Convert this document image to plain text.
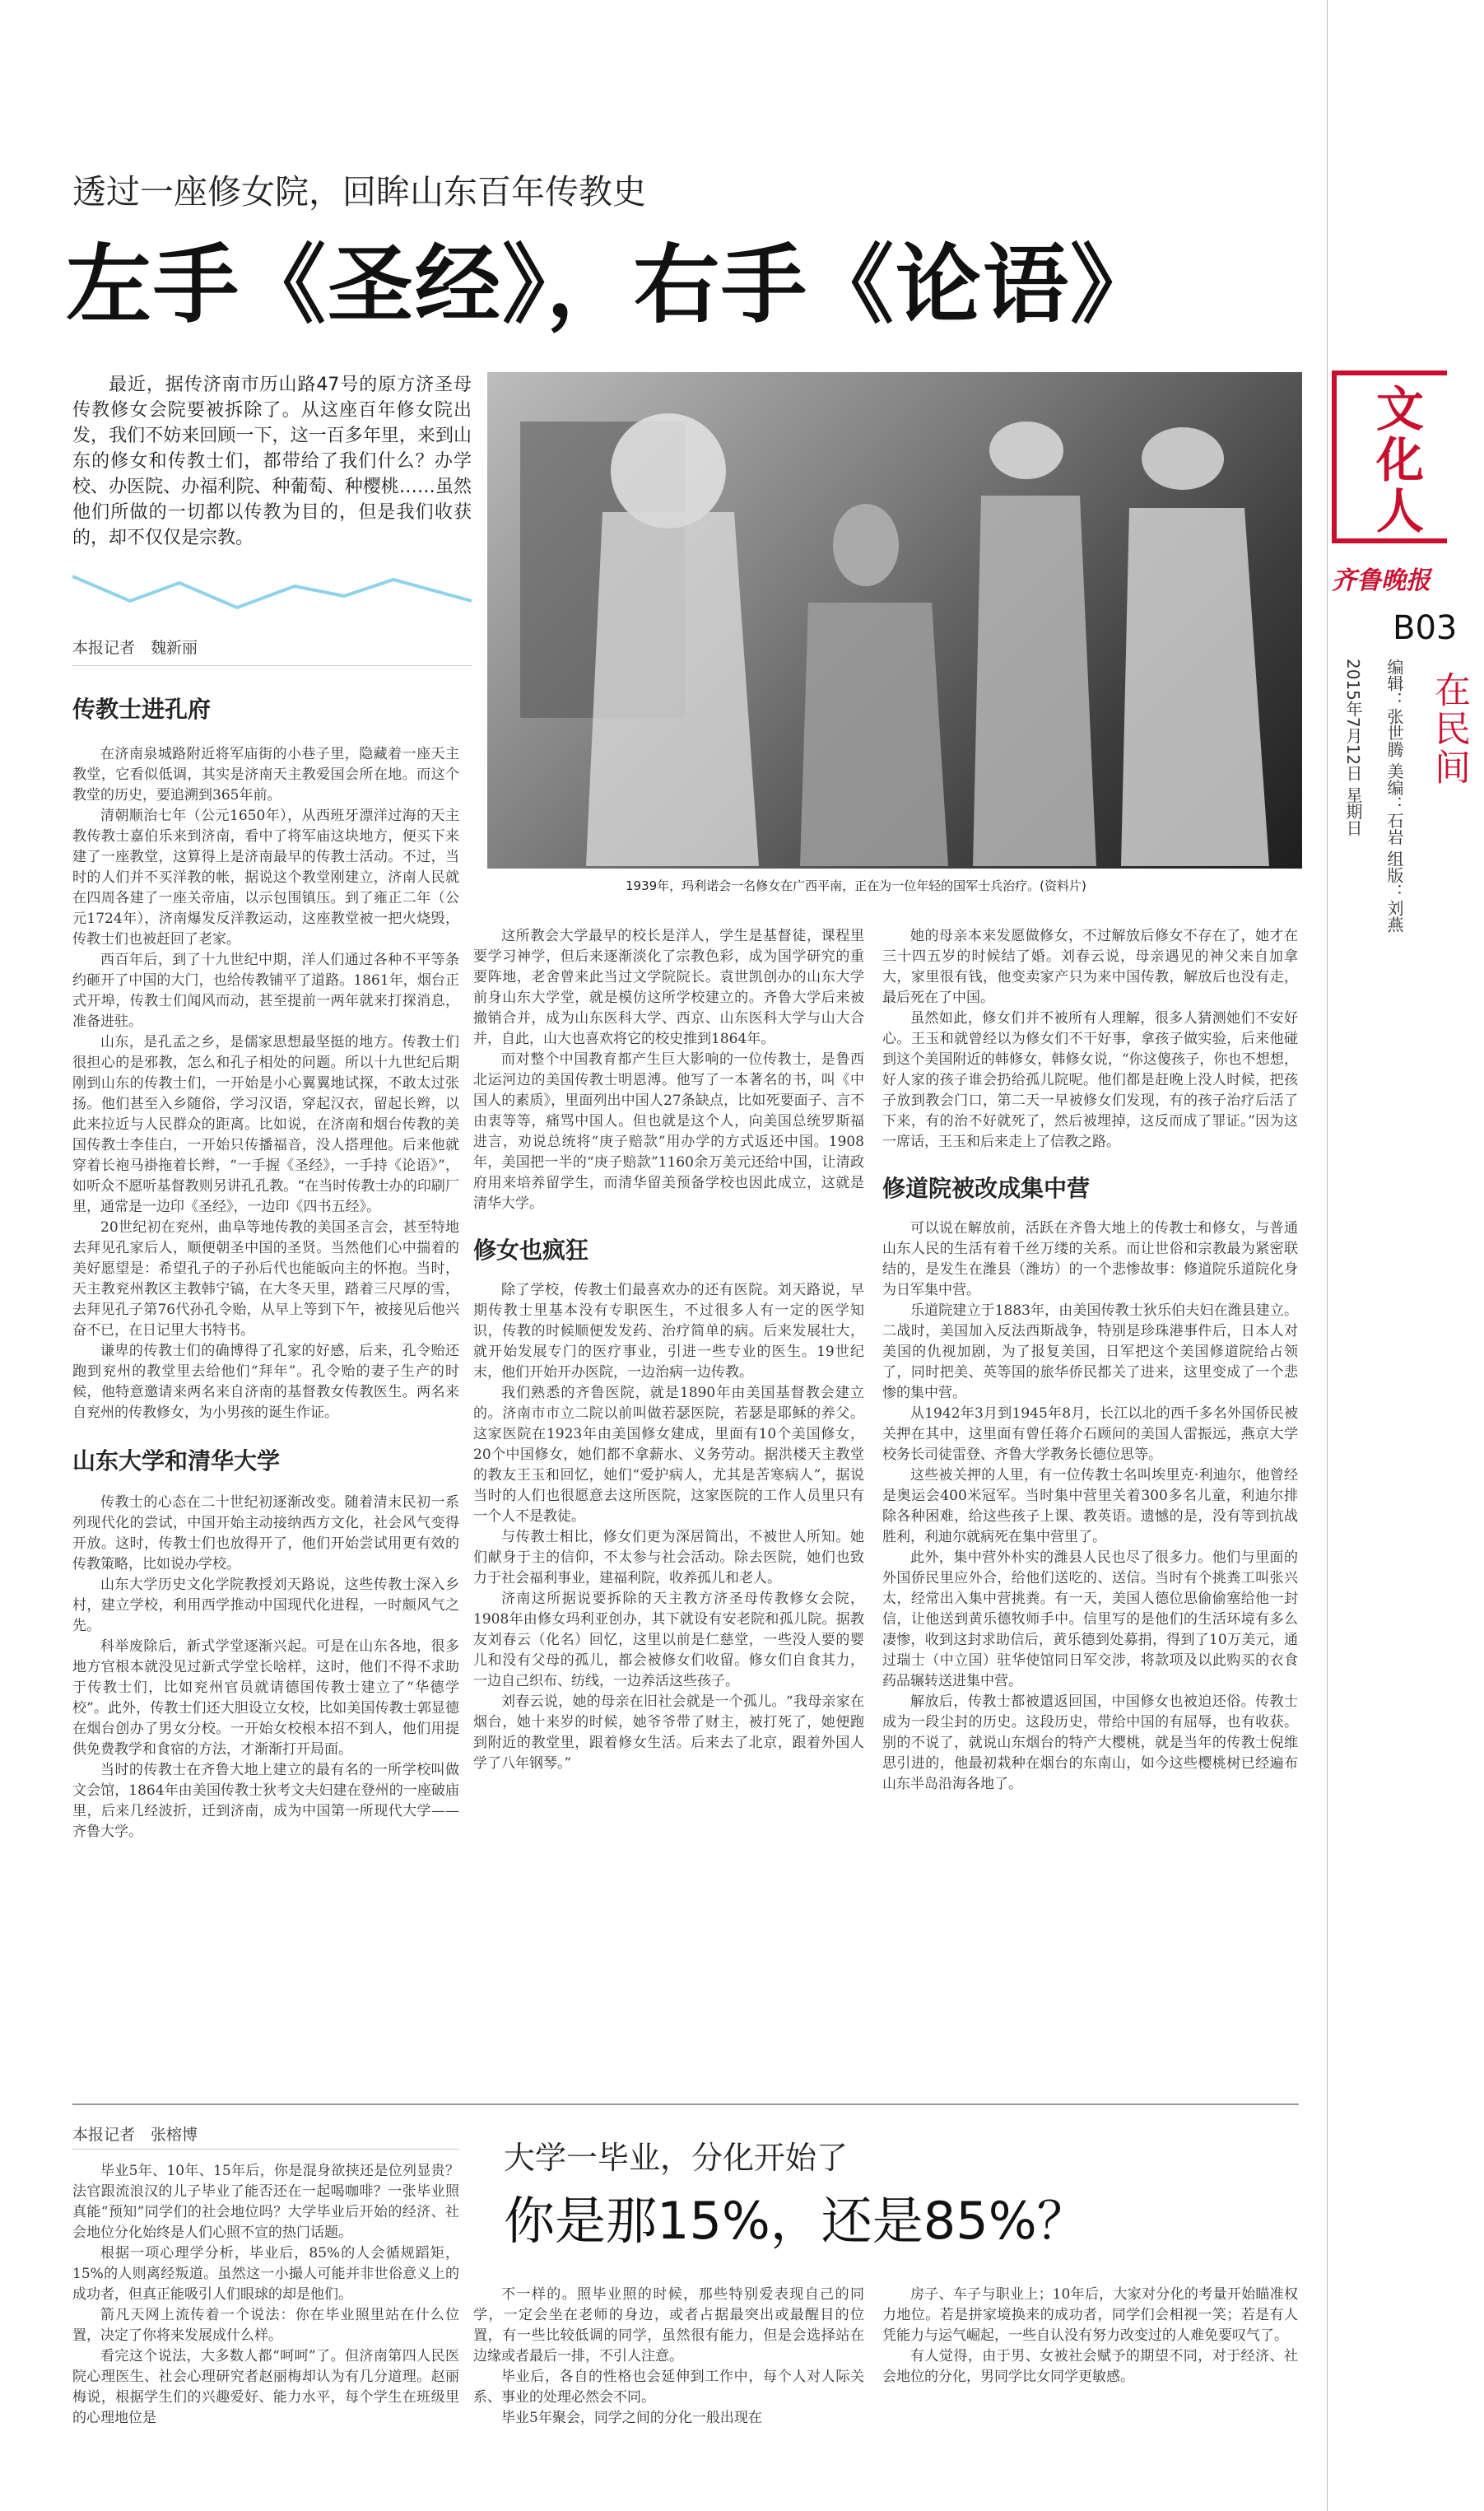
文化人
齐鲁晚报
B03
2015年7月12日 星期日 编辑：张世腾 美编：石岩 组版：刘燕 在民间
透过一座修女院，回眸山东百年传教史
左手《圣经》，右手《论语》
最近，据传济南市历山路47号的原方济圣母传教修女会院要被拆除了。从这座百年修女院出发，我们不妨来回顾一下，这一百多年里，来到山东的修女和传教士们，都带给了我们什么？办学校、办医院、办福利院、种葡萄、种樱桃……虽然他们所做的一切都以传教为目的，但是我们收获的，却不仅仅是宗教。
本报记者　魏新丽
1939年，玛利诺会一名修女在广西平南，正在为一位年轻的国军士兵治疗。(资料片)
传教士进孔府

在济南泉城路附近将军庙街的小巷子里，隐藏着一座天主教堂，它看似低调，其实是济南天主教爱国会所在地。而这个教堂的历史，要追溯到365年前。

清朝顺治七年（公元1650年），从西班牙漂洋过海的天主教传教士嘉伯乐来到济南，看中了将军庙这块地方，便买下来建了一座教堂，这算得上是济南最早的传教士活动。不过，当时的人们并不买洋教的帐，据说这个教堂刚建立，济南人民就在四周各建了一座关帝庙，以示包围镇压。到了雍正二年（公元1724年），济南爆发反洋教运动，这座教堂被一把火烧毁，传教士们也被赶回了老家。

西百年后，到了十九世纪中期，洋人们通过各种不平等条约砸开了中国的大门，也给传教铺平了道路。1861年，烟台正式开埠，传教士们闻风而动，甚至提前一两年就来打探消息，准备进驻。

山东，是孔孟之乡，是儒家思想最坚挺的地方。传教士们很担心的是邪教，怎么和孔子相处的问题。所以十九世纪后期刚到山东的传教士们，一开始是小心翼翼地试探，不敢太过张扬。他们甚至入乡随俗，学习汉语，穿起汉衣，留起长辫，以此来拉近与人民群众的距离。比如说，在济南和烟台传教的美国传教士李佳白，一开始只传播福音，没人搭理他。后来他就穿着长袍马褂拖着长辫，“一手握《圣经》，一手持《论语》”，如听众不愿听基督教则另讲孔孔教。“在当时传教士办的印刷厂里，通常是一边印《圣经》，一边印《四书五经》。

20世纪初在兖州，曲阜等地传教的美国圣言会，甚至特地去拜见孔家后人，顺便朝圣中国的圣贤。当然他们心中揣着的美好愿望是：希望孔子的子孙后代也能皈向主的怀抱。当时，天主教兖州教区主教韩宁镐，在大冬天里，踏着三尺厚的雪，去拜见孔子第76代孙孔令贻，从早上等到下午，被接见后他兴奋不已，在日记里大书特书。

谦卑的传教士们的确博得了孔家的好感，后来，孔令贻还跑到兖州的教堂里去给他们“拜年”。孔令贻的妻子生产的时候，他特意邀请来两名来自济南的基督教女传教医生。两名来自兖州的传教修女，为小男孩的诞生作证。

山东大学和清华大学

传教士的心态在二十世纪初逐渐改变。随着清末民初一系列现代化的尝试，中国开始主动接纳西方文化，社会风气变得开放。这时，传教士们也放得开了，他们开始尝试用更有效的传教策略，比如说办学校。

山东大学历史文化学院教授刘天路说，这些传教士深入乡村，建立学校，利用西学推动中国现代化进程，一时颇风气之先。

科举废除后，新式学堂逐渐兴起。可是在山东各地，很多地方官根本就没见过新式学堂长啥样，这时，他们不得不求助于传教士们，比如兖州官员就请德国传教士建立了“华德学校”。此外，传教士们还大胆设立女校，比如美国传教士郭显德在烟台创办了男女分校。一开始女校根本招不到人，他们用提供免费教学和食宿的方法，才渐渐打开局面。

当时的传教士在齐鲁大地上建立的最有名的一所学校叫做文会馆，1864年由美国传教士狄考文夫妇建在登州的一座破庙里，后来几经波折，迁到济南，成为中国第一所现代大学——齐鲁大学。

这所教会大学最早的校长是洋人，学生是基督徒，课程里要学习神学，但后来逐渐淡化了宗教色彩，成为国学研究的重要阵地，老舍曾来此当过文学院院长。袁世凯创办的山东大学前身山东大学堂，就是模仿这所学校建立的。齐鲁大学后来被撤销合并，成为山东医科大学、西京、山东医科大学与山大合并，自此，山大也喜欢将它的校史推到1864年。

而对整个中国教育都产生巨大影响的一位传教士，是鲁西北运河边的美国传教士明恩溥。他写了一本著名的书，叫《中国人的素质》，里面列出中国人27条缺点，比如死要面子、言不由衷等等，痛骂中国人。但也就是这个人，向美国总统罗斯福进言，劝说总统将“庚子赔款”用办学的方式返还中国。1908年，美国把一半的“庚子赔款”1160余万美元还给中国，让清政府用来培养留学生，而清华留美预备学校也因此成立，这就是清华大学。

修女也疯狂

除了学校，传教士们最喜欢办的还有医院。刘天路说，早期传教士里基本没有专职医生，不过很多人有一定的医学知识，传教的时候顺便发发药、治疗简单的病。后来发展壮大，就开始发展专门的医疗事业，引进一些专业的医生。19世纪末，他们开始开办医院，一边治病一边传教。

我们熟悉的齐鲁医院，就是1890年由美国基督教会建立的。济南市市立二院以前叫做若瑟医院，若瑟是耶稣的养父。这家医院在1923年由美国修女建成，里面有10个美国修女，20个中国修女，她们都不拿薪水、义务劳动。据洪楼天主教堂的教友王玉和回忆，她们“爱护病人，尤其是苦寒病人”，据说当时的人们也很愿意去这所医院，这家医院的工作人员里只有一个人不是教徒。

与传教士相比，修女们更为深居简出，不被世人所知。她们献身于主的信仰，不太参与社会活动。除去医院，她们也致力于社会福利事业，建福利院，收养孤儿和老人。

济南这所据说要拆除的天主教方济圣母传教修女会院，1908年由修女玛利亚创办，其下就设有安老院和孤儿院。据教友刘春云（化名）回忆，这里以前是仁慈堂，一些没人要的婴儿和没有父母的孤儿，都会被修女们收留。修女们自食其力，一边自己织布、纺线，一边养活这些孩子。

刘春云说，她的母亲在旧社会就是一个孤儿。“我母亲家在烟台，她十来岁的时候，她爷爷带了财主，被打死了，她便跑到附近的教堂里，跟着修女生活。后来去了北京，跟着外国人学了八年钢琴。”

她的母亲本来发愿做修女，不过解放后修女不存在了，她才在三十四五岁的时候结了婚。刘春云说，母亲遇见的神父来自加拿大，家里很有钱，他变卖家产只为来中国传教，解放后也没有走，最后死在了中国。

虽然如此，修女们并不被所有人理解，很多人猜测她们不安好心。王玉和就曾经以为修女们不干好事，拿孩子做实验，后来他碰到这个美国附近的韩修女，韩修女说，“你这傻孩子，你也不想想，好人家的孩子谁会扔给孤儿院呢。他们都是赶晚上没人时候，把孩子放到教会门口，第二天一早被修女们发现，有的孩子治疗后活了下来，有的治不好就死了，然后被埋掉，这反而成了罪证。”因为这一席话，王玉和后来走上了信教之路。

修道院被改成集中营

可以说在解放前，活跃在齐鲁大地上的传教士和修女，与普通山东人民的生活有着千丝万缕的关系。而让世俗和宗教最为紧密联结的，是发生在潍县（潍坊）的一个悲惨故事：修道院乐道院化身为日军集中营。

乐道院建立于1883年，由美国传教士狄乐伯夫妇在潍县建立。二战时，美国加入反法西斯战争，特别是珍珠港事件后，日本人对美国的仇视加剧，为了报复美国，日军把这个美国修道院给占领了，同时把美、英等国的旅华侨民都关了进来，这里变成了一个悲惨的集中营。

从1942年3月到1945年8月，长江以北的西千多名外国侨民被关押在其中，这里面有曾任蒋介石顾问的美国人雷振远，燕京大学校务长司徒雷登、齐鲁大学教务长德位思等。

这些被关押的人里，有一位传教士名叫埃里克·利迪尔，他曾经是奥运会400米冠军。当时集中营里关着300多名儿童，利迪尔排除各种困难，给这些孩子上课、教英语。遗憾的是，没有等到抗战胜利，利迪尔就病死在集中营里了。

此外，集中营外朴实的潍县人民也尽了很多力。他们与里面的外国侨民里应外合，给他们送吃的、送信。当时有个挑粪工叫张兴太，经常出入集中营挑粪。有一天，美国人德位思偷偷塞给他一封信，让他送到黄乐德牧师手中。信里写的是他们的生活环境有多么凄惨，收到这封求助信后，黄乐德到处募捐，得到了10万美元，通过瑞士（中立国）驻华使馆同日军交涉，将款项及以此购买的衣食药品辗转送进集中营。

解放后，传教士都被遣返回国，中国修女也被迫还俗。传教士成为一段尘封的历史。这段历史，带给中国的有屈辱，也有收获。别的不说了，就说山东烟台的特产大樱桃，就是当年的传教士倪维思引进的，他最初栽种在烟台的东南山，如今这些樱桃树已经遍布山东半岛沿海各地了。

本报记者　张榕博
大学一毕业，分化开始了
你是那15%，还是85%？

毕业5年、10年、15年后，你是混身欲挟还是位列显贵？法官跟流浪汉的儿子毕业了能否还在一起喝咖啡？一张毕业照真能“预知”同学们的社会地位吗？大学毕业后开始的经济、社会地位分化始终是人们心照不宣的热门话题。

根据一项心理学分析，毕业后，85%的人会循规蹈矩，15%的人则离经叛道。虽然这一小撮人可能并非世俗意义上的成功者，但真正能吸引人们眼球的却是他们。

箭凡天网上流传着一个说法：你在毕业照里站在什么位置，决定了你将来发展成什么样。

看完这个说法，大多数人都“呵呵”了。但济南第四人民医院心理医生、社会心理研究者赵丽梅却认为有几分道理。赵丽梅说，根据学生们的兴趣爱好、能力水平，每个学生在班级里的心理地位是

不一样的。照毕业照的时候，那些特别爱表现自己的同学，一定会坐在老师的身边，或者占据最突出或最醒目的位置，有一些比较低调的同学，虽然很有能力，但是会选择站在边缘或者最后一排，不引人注意。

毕业后，各自的性格也会延伸到工作中，每个人对人际关系、事业的处理必然会不同。

毕业5年聚会，同学之间的分化一般出现在

房子、车子与职业上；10年后，大家对分化的考量开始瞄准权力地位。若是拼家境换来的成功者，同学们会相视一笑；若是有人凭能力与运气崛起，一些自认没有努力改变过的人难免要叹气了。

有人觉得，由于男、女被社会赋予的期望不同，对于经济、社会地位的分化，男同学比女同学更敏感。
